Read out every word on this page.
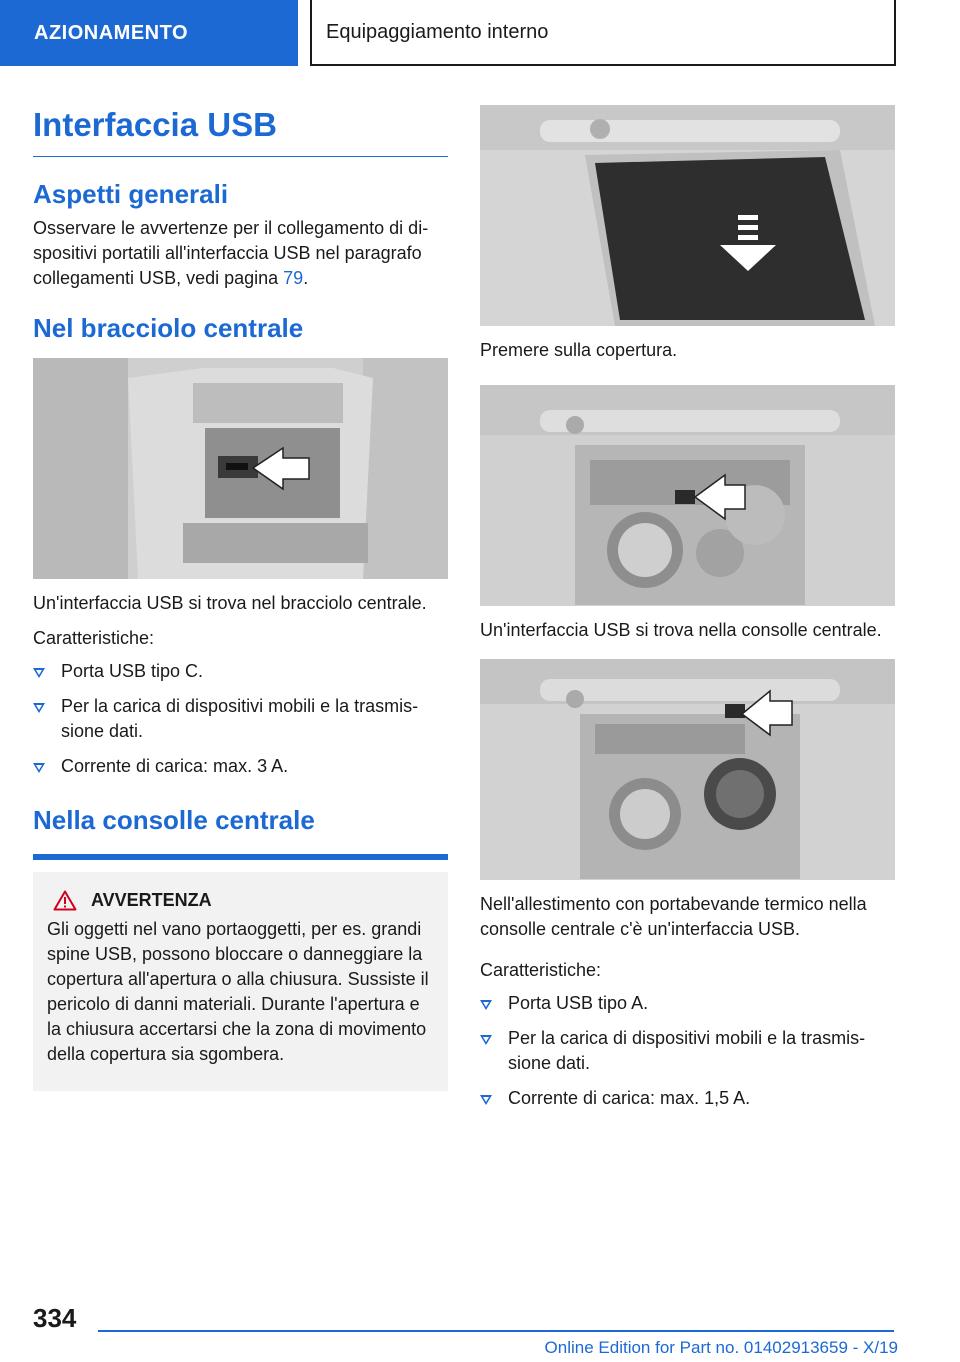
AZIONAMENTO	Equipaggiamento interno
Interfaccia USB
Aspetti generali

Osservare le avvertenze per il collegamento di dispositivi portatili all'interfaccia USB nel paragrafo collegamenti USB, vedi pagina 79.

Nel bracciolo centrale

Un'interfaccia USB si trova nel bracciolo centrale.

Caratteristiche:

Porta USB tipo C.
Per la carica di dispositivi mobili e la trasmissione dati.
Corrente di carica: max. 3 A.
Nella consolle centrale
AVVERTENZA

Gli oggetti nel vano portaoggetti, per es. grandi spine USB, possono bloccare o danneggiare la copertura all'apertura o alla chiusura. Sussiste il pericolo di danni materiali. Durante l'apertura e la chiusura accertarsi che la zona di movimento della copertura sia sgombera.

Premere sulla copertura.

Un'interfaccia USB si trova nella consolle centrale.

Nell'allestimento con portabevande termico nella consolle centrale c'è un'interfaccia USB.

Caratteristiche:

Porta USB tipo A.
Per la carica di dispositivi mobili e la trasmissione dati.
Corrente di carica: max. 1,5 A.
334
Online Edition for Part no. 01402913659 - X/19
